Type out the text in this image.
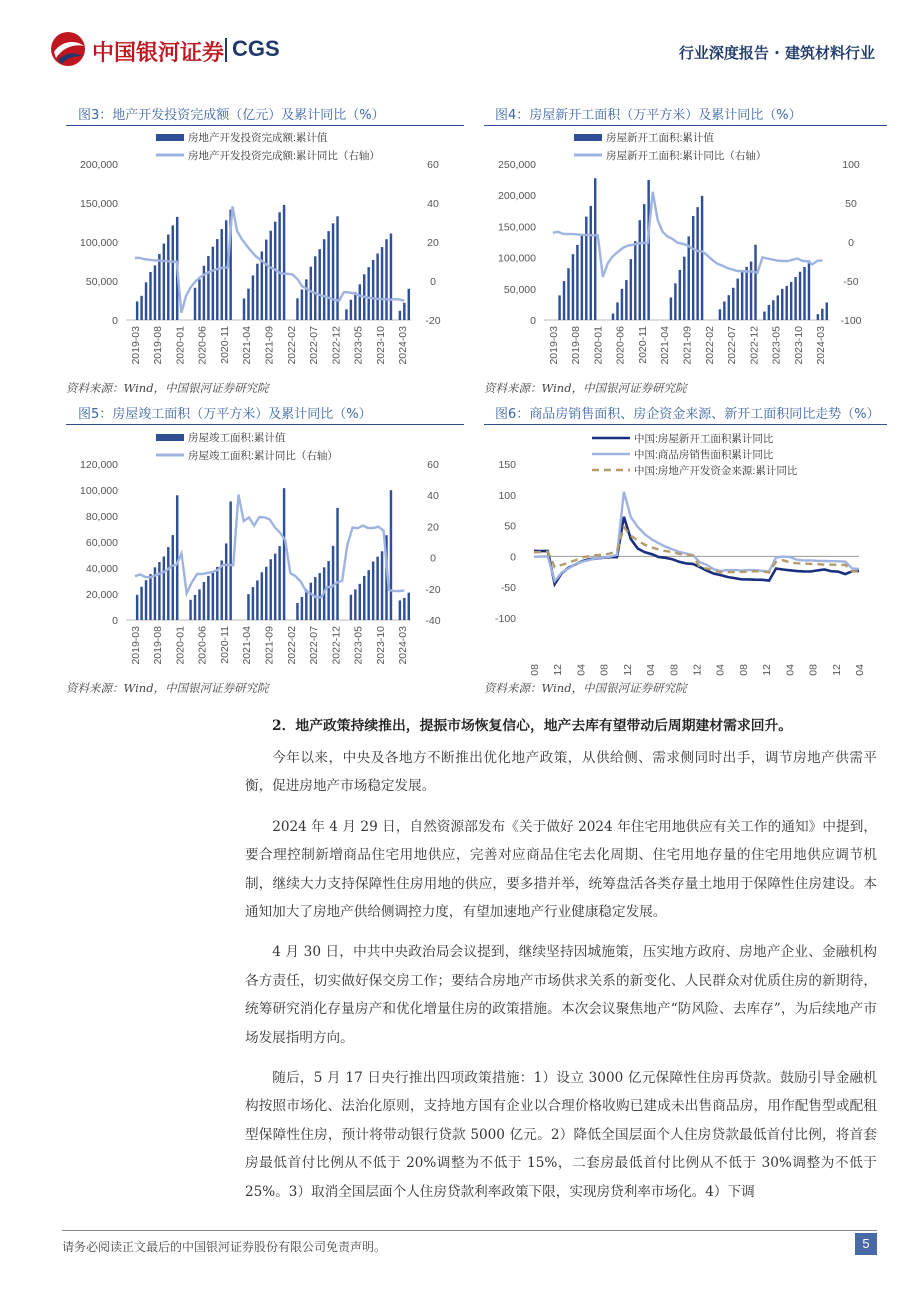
中国银河证券 CGS	行业深度报告 · 建筑材料行业
图3：地产开发投资完成额（亿元）及累计同比（%）	图4：房屋新开工面积（万平方米）及累计同比（%）
房地产开发投资完成额:累计值
房地产开发投资完成额:累计同比（右轴）
0
50,000
100,000
150,000
200,000
-20
0
20
40
60
2019-03 2019-08 2020-01 2020-06 2020-11 2021-04 2021-09 2022-02 2022-07 2022-12 2023-05 2023-10 2024-03
房屋新开工面积:累计值
房屋新开工面积:累计同比（右轴）
0
50,000
100,000
150,000
200,000
250,000
-100
-50
0
50
100
2019-03 2019-08 2020-01 2020-06 2020-11 2021-04 2021-09 2022-02 2022-07 2022-12 2023-05 2023-10 2024-03
资料来源：Wind，中国银河证券研究院	资料来源：Wind，中国银河证券研究院
图5：房屋竣工面积（万平方米）及累计同比（%）	图6：商品房销售面积、房企资金来源、新开工面积同比走势（%）
房屋竣工面积:累计值
房屋竣工面积:累计同比（右轴）
0
20,000
40,000
60,000
80,000
100,000
120,000
-40
-20
0
20
40
60
2019-03 2019-08 2020-01 2020-06 2020-11 2021-04 2021-09 2022-02 2022-07 2022-12 2023-05 2023-10 2024-03
中国:房屋新开工面积累计同比
中国:商品房销售面积累计同比
中国:房地产开发资金来源:累计同比
-100
-50
0
50
100
150
资料来源：Wind，中国银河证券研究院	资料来源：Wind，中国银河证券研究院
2．地产政策持续推出，提振市场恢复信心，地产去库有望带动后周期建材需求回升。

今年以来，中央及各地方不断推出优化地产政策，从供给侧、需求侧同时出手，调节房地产供需平衡，促进房地产市场稳定发展。

2024 年 4 月 29 日，自然资源部发布《关于做好 2024 年住宅用地供应有关工作的通知》中提到，要合理控制新增商品住宅用地供应，完善对应商品住宅去化周期、住宅用地存量的住宅用地供应调节机制，继续大力支持保障性住房用地的供应，要多措并举，统筹盘活各类存量土地用于保障性住房建设。本通知加大了房地产供给侧调控力度，有望加速地产行业健康稳定发展。

4 月 30 日，中共中央政治局会议提到，继续坚持因城施策，压实地方政府、房地产企业、金融机构各方责任，切实做好保交房工作；要结合房地产市场供求关系的新变化、人民群众对优质住房的新期待，统筹研究消化存量房产和优化增量住房的政策措施。本次会议聚焦地产“防风险、去库存”，为后续地产市场发展指明方向。

随后，5 月 17 日央行推出四项政策措施：1）设立 3000 亿元保障性住房再贷款。鼓励引导金融机构按照市场化、法治化原则，支持地方国有企业以合理价格收购已建成未出售商品房，用作配售型或配租型保障性住房，预计将带动银行贷款 5000 亿元。2）降低全国层面个人住房贷款最低首付比例，将首套房最低首付比例从不低于 20%调整为不低于 15%，二套房最低首付比例从不低于 30%调整为不低于 25%。3）取消全国层面个人住房贷款利率政策下限，实现房贷利率市场化。4）下调

请务必阅读正文最后的中国银河证券股份有限公司免责声明。	5
